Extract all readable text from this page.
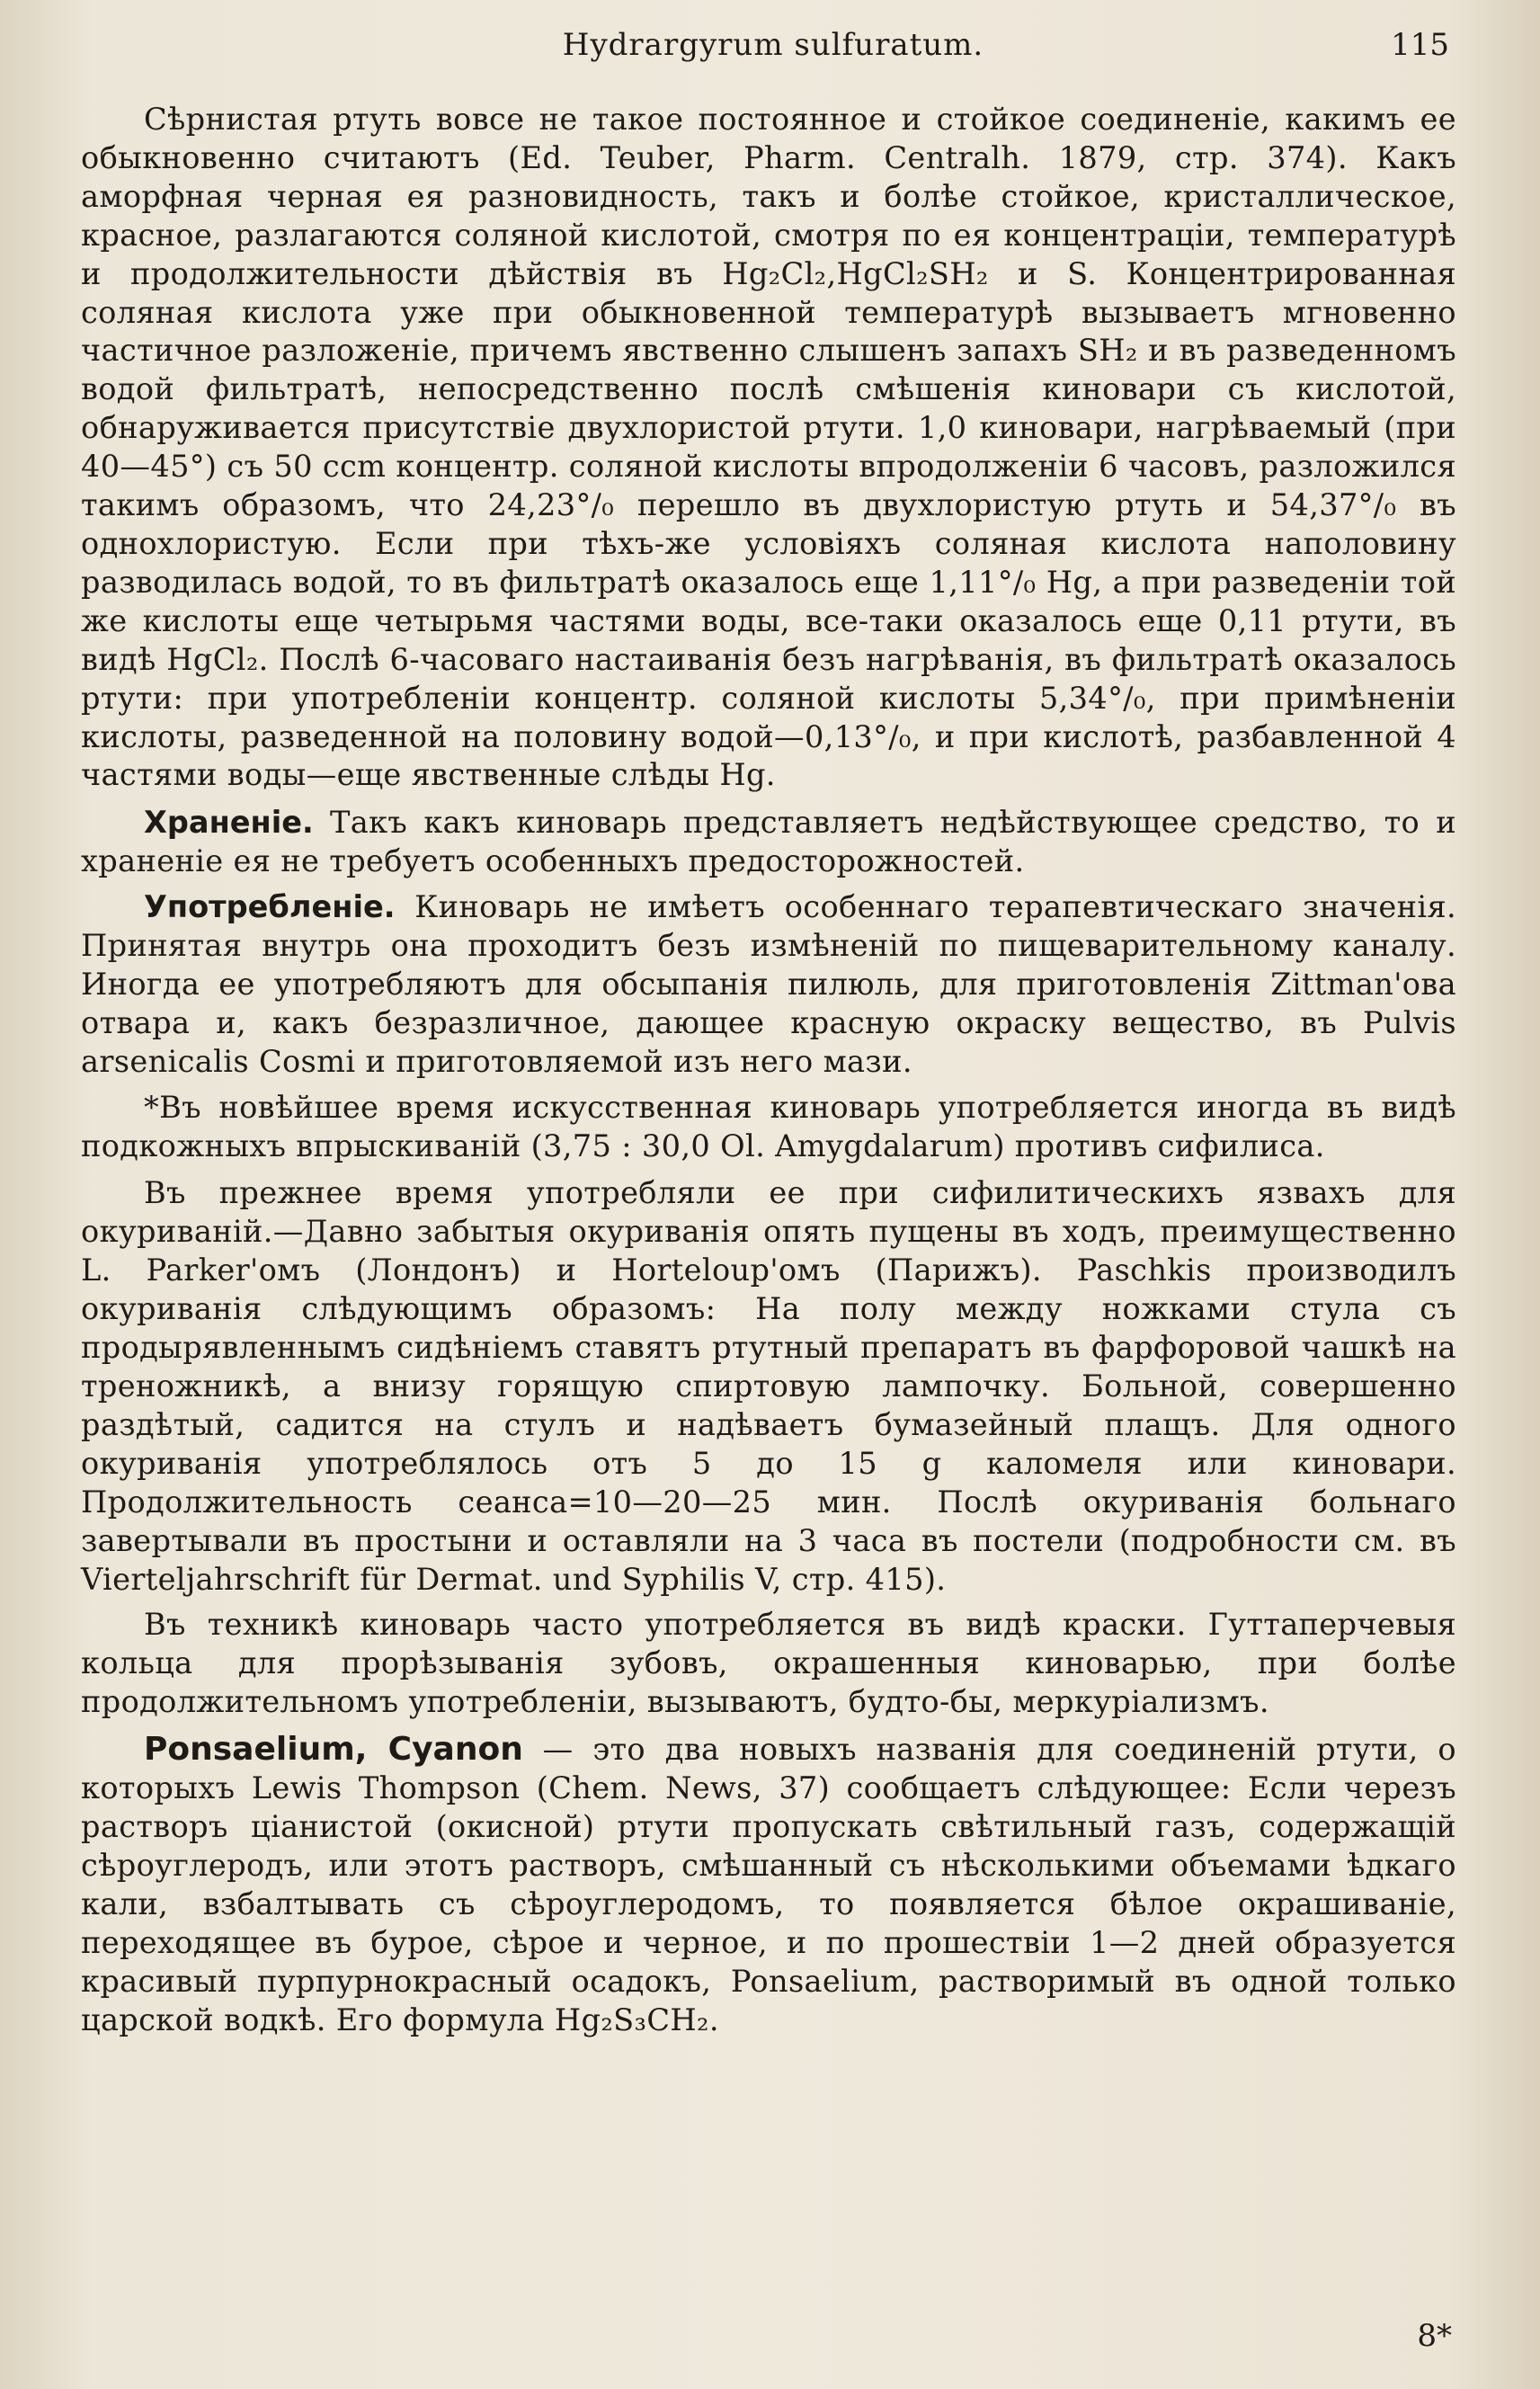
Hydrargyrum sulfuratum.	115

Сѣрнистая ртуть вовсе не такое постоянное и стойкое соединеніе, какимъ ее обыкновенно считаютъ (Ed. Teuber, Pharm. Centralh. 1879, стр. 374). Какъ аморфная черная ея разновидность, такъ и болѣе стойкое, кристаллическое, красное, разлагаются соляной кислотой, смотря по ея концентраціи, температурѣ и продолжительности дѣйствія въ Hg₂Cl₂,HgCl₂SH₂ и S. Концентрированная соляная кислота уже при обыкновенной температурѣ вызываетъ мгновенно частичное разложеніе, причемъ явственно слышенъ запахъ SH₂ и въ разведенномъ водой фильтратѣ, непосредственно послѣ смѣшенія киновари съ кислотой, обнаруживается присутствіе двухлористой ртути. 1,0 киновари, нагрѣваемый (при 40—45°) съ 50 ccm концентр. соляной кислоты впродолженіи 6 часовъ, разложился такимъ образомъ, что 24,23°/₀ перешло въ двухлористую ртуть и 54,37°/₀ въ однохлористую. Если при тѣхъ-же условіяхъ соляная кислота наполовину разводилась водой, то въ фильтратѣ оказалось еще 1,11°/₀ Hg, а при разведеніи той же кислоты еще четырьмя частями воды, все-таки оказалось еще 0,11 ртути, въ видѣ HgCl₂. Послѣ 6-часоваго настаиванія безъ нагрѣванія, въ фильтратѣ оказалось ртути: при употребленіи концентр. соляной кислоты 5,34°/₀, при примѣненіи кислоты, разведенной на половину водой—0,13°/₀, и при кислотѣ, разбавленной 4 частями воды—еще явственные слѣды Hg.

Храненіе. Такъ какъ киноварь представляетъ недѣйствующее средство, то и храненіе ея не требуетъ особенныхъ предосторожностей.

Употребленіе. Киноварь не имѣетъ особеннаго терапевтическаго значенія. Принятая внутрь она проходитъ безъ измѣненій по пищеварительному каналу. Иногда ее употребляютъ для обсыпанія пилюль, для приготовленія Zittman'ова отвара и, какъ безразличное, дающее красную окраску вещество, въ Pulvis arsenicalis Cosmi и приготовляемой изъ него мази.

*Въ новѣйшее время искусственная киноварь употребляется иногда въ видѣ подкожныхъ впрыскиваній (3,75 : 30,0 Ol. Amygdalarum) противъ сифилиса.

Въ прежнее время употребляли ее при сифилитическихъ язвахъ для окуриваній.—Давно забытыя окуриванія опять пущены въ ходъ, преимущественно L. Parker'омъ (Лондонъ) и Horteloup'омъ (Парижъ). Paschkis производилъ окуриванія слѣдующимъ образомъ: На полу между ножками стула съ продырявленнымъ сидѣніемъ ставятъ ртутный препаратъ въ фарфоровой чашкѣ на треножникѣ, а внизу горящую спиртовую лампочку. Больной, совершенно раздѣтый, садится на стулъ и надѣваетъ бумазейный плащъ. Для одного окуриванія употреблялось отъ 5 до 15 g каломеля или киновари. Продолжительность сеанса=10—20—25 мин. Послѣ окуриванія больнаго завертывали въ простыни и оставляли на 3 часа въ постели (подробности см. въ Vierteljahrschrift für Dermat. und Syphilis V, стр. 415).

Въ техникѣ киноварь часто употребляется въ видѣ краски. Гуттаперчевыя кольца для прорѣзыванія зубовъ, окрашенныя киноварью, при болѣе продолжительномъ употребленіи, вызываютъ, будто-бы, меркуріализмъ.

Ponsaelium, Cyanon — это два новыхъ названія для соединеній ртути, о которыхъ Lewis Thompson (Chem. News, 37) сообщаетъ слѣдующее: Если черезъ растворъ ціанистой (окисной) ртути пропускать свѣтильный газъ, содержащій сѣроуглеродъ, или этотъ растворъ, смѣшанный съ нѣсколькими объемами ѣдкаго кали, взбалтывать съ сѣроуглеродомъ, то появляется бѣлое окрашиваніе, переходящее въ бурое, сѣрое и черное, и по прошествіи 1—2 дней образуется красивый пурпурнокрасный осадокъ, Ponsaelium, растворимый въ одной только царской водкѣ. Его формула Hg₂S₃CH₂.

8*
